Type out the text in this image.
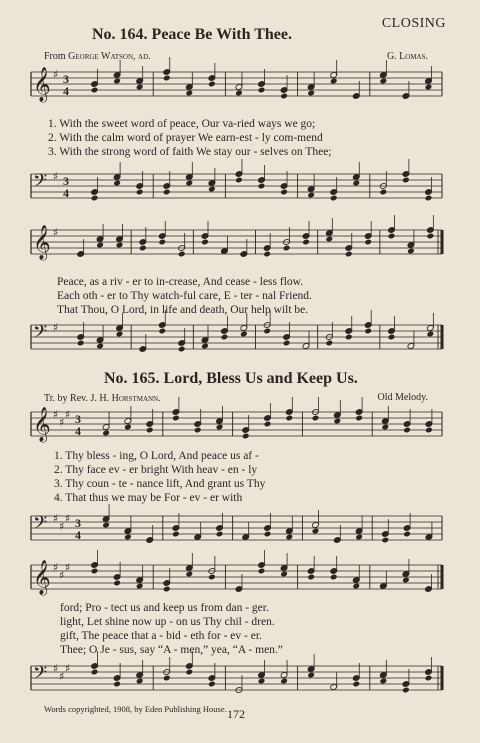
CLOSING
No. 164. Peace Be With Thee.
From George Watson, ad.	G. Lomas.
𝄞 ♯ 3
4
1. With the sweet word of peace, Our va-ried ways we go;
2. With the calm word of prayer We earn-est - ly com-mend
3. With the strong word of faith We stay our - selves on Thee;
𝄢 ♯ 3
4
𝄞 ♯
Peace, as a riv - er to in-crease, And cease - less flow.
Each oth - er to Thy watch-ful care, E - ter - nal Friend.
That Thou, O Lord, in life and death, Our help wilt be.
𝄢 ♯
No. 165. Lord, Bless Us and Keep Us.
Tr. by Rev. J. H. Horstmann.	Old Melody.
𝄞 ♯
♯
♯ 3
4
1. Thy bless - ing, O Lord, And peace us af -
2. Thy face ev - er bright With heav - en - ly
3. Thy coun - te - nance lift, And grant us Thy
4. That thus we may be For - ev - er with
𝄢 ♯
♯
♯ 3
4
𝄞 ♯
♯
♯
ford; Pro - tect us and keep us from dan - ger.
light, Let shine now up - on us Thy chil - dren.
gift, The peace that a - bid - eth for - ev - er.
Thee; O Je - sus, say “A - men,” yea, “A - men.”
𝄢 ♯
♯
♯
Words copyrighted, 1908, by Eden Publishing House. 172
